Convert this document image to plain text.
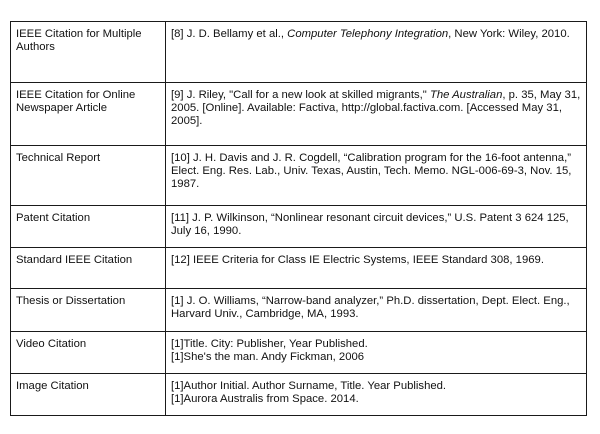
IEEE Citation for Multiple Authors	[8] J. D. Bellamy et al., Computer Telephony Integration, New York: Wiley, 2010.
IEEE Citation for Online Newspaper Article	[9] J. Riley, "Call for a new look at skilled migrants," The Australian, p. 35, May 31, 2005. [Online]. Available: Factiva, http://global.factiva.com. [Accessed May 31, 2005].
Technical Report	[10] J. H. Davis and J. R. Cogdell, “Calibration program for the 16-foot antenna,” Elect. Eng. Res. Lab., Univ. Texas, Austin, Tech. Memo. NGL-006-69-3, Nov. 15, 1987.
Patent Citation	[11] J. P. Wilkinson, “Nonlinear resonant circuit devices,” U.S. Patent 3 624 125, July 16, 1990.
Standard IEEE Citation	[12] IEEE Criteria for Class IE Electric Systems, IEEE Standard 308, 1969.
Thesis or Dissertation	[1] J. O. Williams, “Narrow-band analyzer,” Ph.D. dissertation, Dept. Elect. Eng., Harvard Univ., Cambridge, MA, 1993.
Video Citation	[1]Title. City: Publisher, Year Published.
[1]She's the man. Andy Fickman, 2006

Image Citation	[1]Author Initial. Author Surname, Title. Year Published.
[1]Aurora Australis from Space. 2014.
